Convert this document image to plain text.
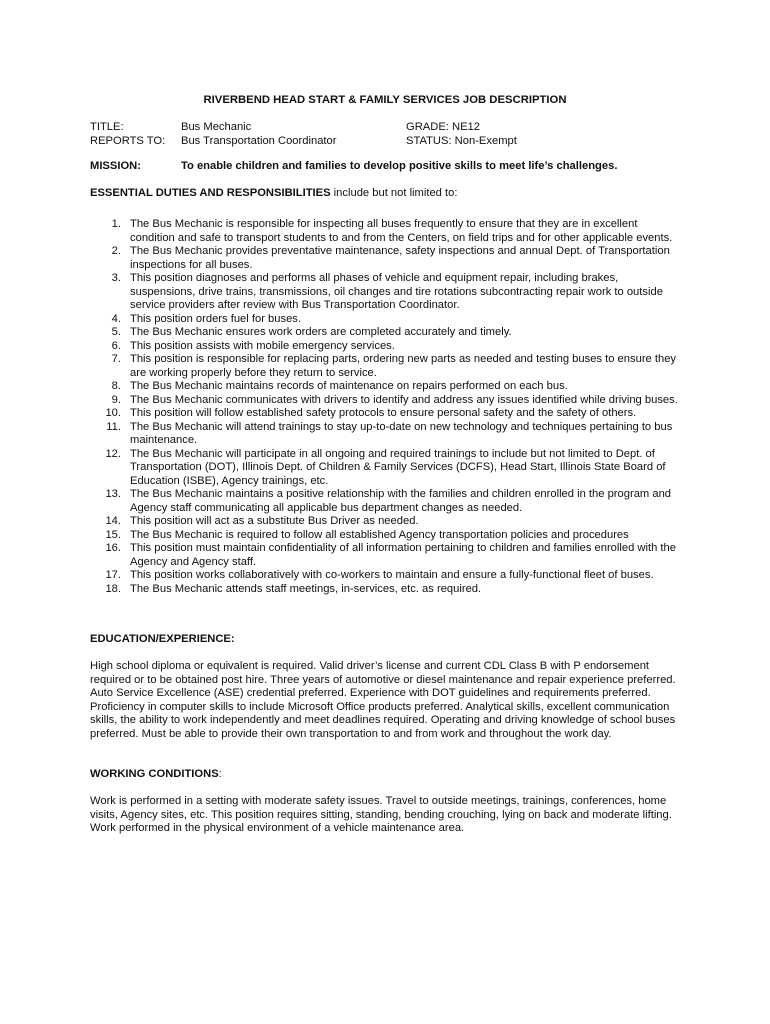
RIVERBEND HEAD START & FAMILY SERVICES JOB DESCRIPTION
TITLE:	Bus Mechanic	GRADE: NE12
REPORTS TO: Bus Transportation Coordinator	STATUS: Non-Exempt
MISSION:	To enable children and families to develop positive skills to meet life’s challenges.
ESSENTIAL DUTIES AND RESPONSIBILITIES include but not limited to:
1. The Bus Mechanic is responsible for inspecting all buses frequently to ensure that they are in excellent condition and safe to transport students to and from the Centers, on field trips and for other applicable events.
2. The Bus Mechanic provides preventative maintenance, safety inspections and annual Dept. of Transportation inspections for all buses.
3. This position diagnoses and performs all phases of vehicle and equipment repair, including brakes, suspensions, drive trains, transmissions, oil changes and tire rotations subcontracting repair work to outside service providers after review with Bus Transportation Coordinator.
4. This position orders fuel for buses.
5. The Bus Mechanic ensures work orders are completed accurately and timely.
6. This position assists with mobile emergency services.
7. This position is responsible for replacing parts, ordering new parts as needed and testing buses to ensure they are working properly before they return to service.
8. The Bus Mechanic maintains records of maintenance on repairs performed on each bus.
9. The Bus Mechanic communicates with drivers to identify and address any issues identified while driving buses.
10. This position will follow established safety protocols to ensure personal safety and the safety of others.
11. The Bus Mechanic will attend trainings to stay up-to-date on new technology and techniques pertaining to bus maintenance.
12. The Bus Mechanic will participate in all ongoing and required trainings to include but not limited to Dept. of Transportation (DOT), Illinois Dept. of Children & Family Services (DCFS), Head Start, Illinois State Board of Education (ISBE), Agency trainings, etc.
13. The Bus Mechanic maintains a positive relationship with the families and children enrolled in the program and Agency staff communicating all applicable bus department changes as needed.
14. This position will act as a substitute Bus Driver as needed.
15. The Bus Mechanic is required to follow all established Agency transportation policies and procedures
16. This position must maintain confidentiality of all information pertaining to children and families enrolled with the Agency and Agency staff.
17. This position works collaboratively with co-workers to maintain and ensure a fully-functional fleet of buses.
18. The Bus Mechanic attends staff meetings, in-services, etc. as required.
EDUCATION/EXPERIENCE:
High school diploma or equivalent is required. Valid driver’s license and current CDL Class B with P endorsement required or to be obtained post hire. Three years of automotive or diesel maintenance and repair experience preferred. Auto Service Excellence (ASE) credential preferred. Experience with DOT guidelines and requirements preferred. Proficiency in computer skills to include Microsoft Office products preferred. Analytical skills, excellent communication skills, the ability to work independently and meet deadlines required. Operating and driving knowledge of school buses preferred. Must be able to provide their own transportation to and from work and throughout the work day.
WORKING CONDITIONS:
Work is performed in a setting with moderate safety issues. Travel to outside meetings, trainings, conferences, home visits, Agency sites, etc. This position requires sitting, standing, bending crouching, lying on back and moderate lifting. Work performed in the physical environment of a vehicle maintenance area.
